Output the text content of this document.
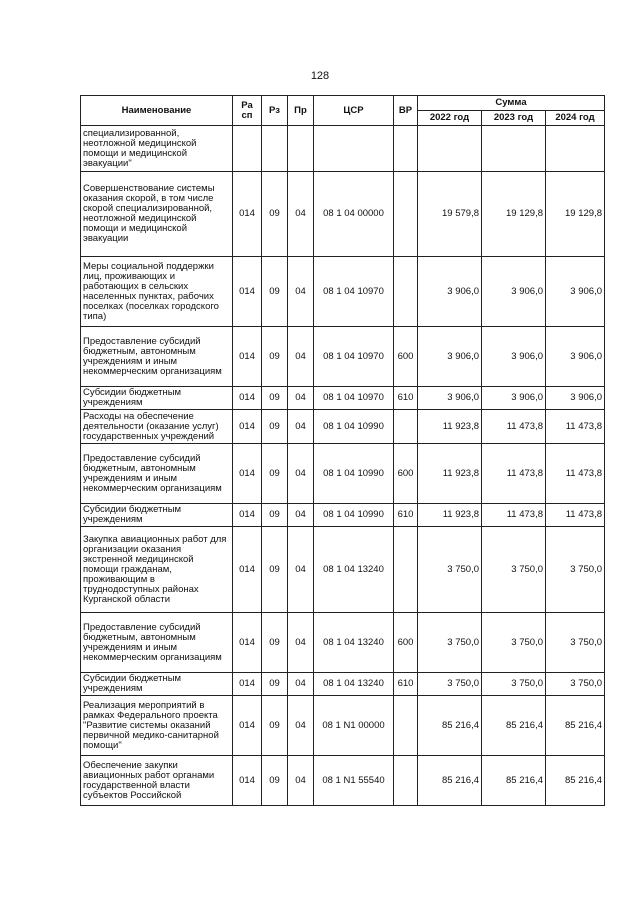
128
Наименование	Ра сп	Рз	Пр	ЦСР	ВР	Сумма		
						2022 год	2023 год	2024 год
специализированной, неотложной медицинской помощи и медицинской эвакуации"								
Совершенствование системы оказания скорой, в том числе скорой специализированной, неотложной медицинской помощи и медицинской эвакуации	014	09	04	08 1 04 00000		19 579,8	19 129,8	19 129,8
Меры социальной поддержки лиц, проживающих и работающих в сельских населенных пунктах, рабочих поселках (поселках городского типа)	014	09	04	08 1 04 10970		3 906,0	3 906,0	3 906,0
Предоставление субсидий бюджетным, автономным учреждениям и иным некоммерческим организациям	014	09	04	08 1 04 10970	600	3 906,0	3 906,0	3 906,0
Субсидии бюджетным учреждениям	014	09	04	08 1 04 10970	610	3 906,0	3 906,0	3 906,0
Расходы на обеспечение деятельности (оказание услуг) государственных учреждений	014	09	04	08 1 04 10990		11 923,8	11 473,8	11 473,8
Предоставление субсидий бюджетным, автономным учреждениям и иным некоммерческим организациям	014	09	04	08 1 04 10990	600	11 923,8	11 473,8	11 473,8
Субсидии бюджетным учреждениям	014	09	04	08 1 04 10990	610	11 923,8	11 473,8	11 473,8
Закупка авиационных работ для организации оказания экстренной медицинской помощи гражданам, проживающим в труднодоступных районах Курганской области	014	09	04	08 1 04 13240		3 750,0	3 750,0	3 750,0
Предоставление субсидий бюджетным, автономным учреждениям и иным некоммерческим организациям	014	09	04	08 1 04 13240	600	3 750,0	3 750,0	3 750,0
Субсидии бюджетным учреждениям	014	09	04	08 1 04 13240	610	3 750,0	3 750,0	3 750,0
Реализация мероприятий в рамках Федерального проекта "Развитие системы оказаний первичной медико-санитарной помощи"	014	09	04	08 1 N1 00000		85 216,4	85 216,4	85 216,4
Обеспечение закупки авиационных работ органами государственной власти субъектов Российской	014	09	04	08 1 N1 55540		85 216,4	85 216,4	85 216,4
